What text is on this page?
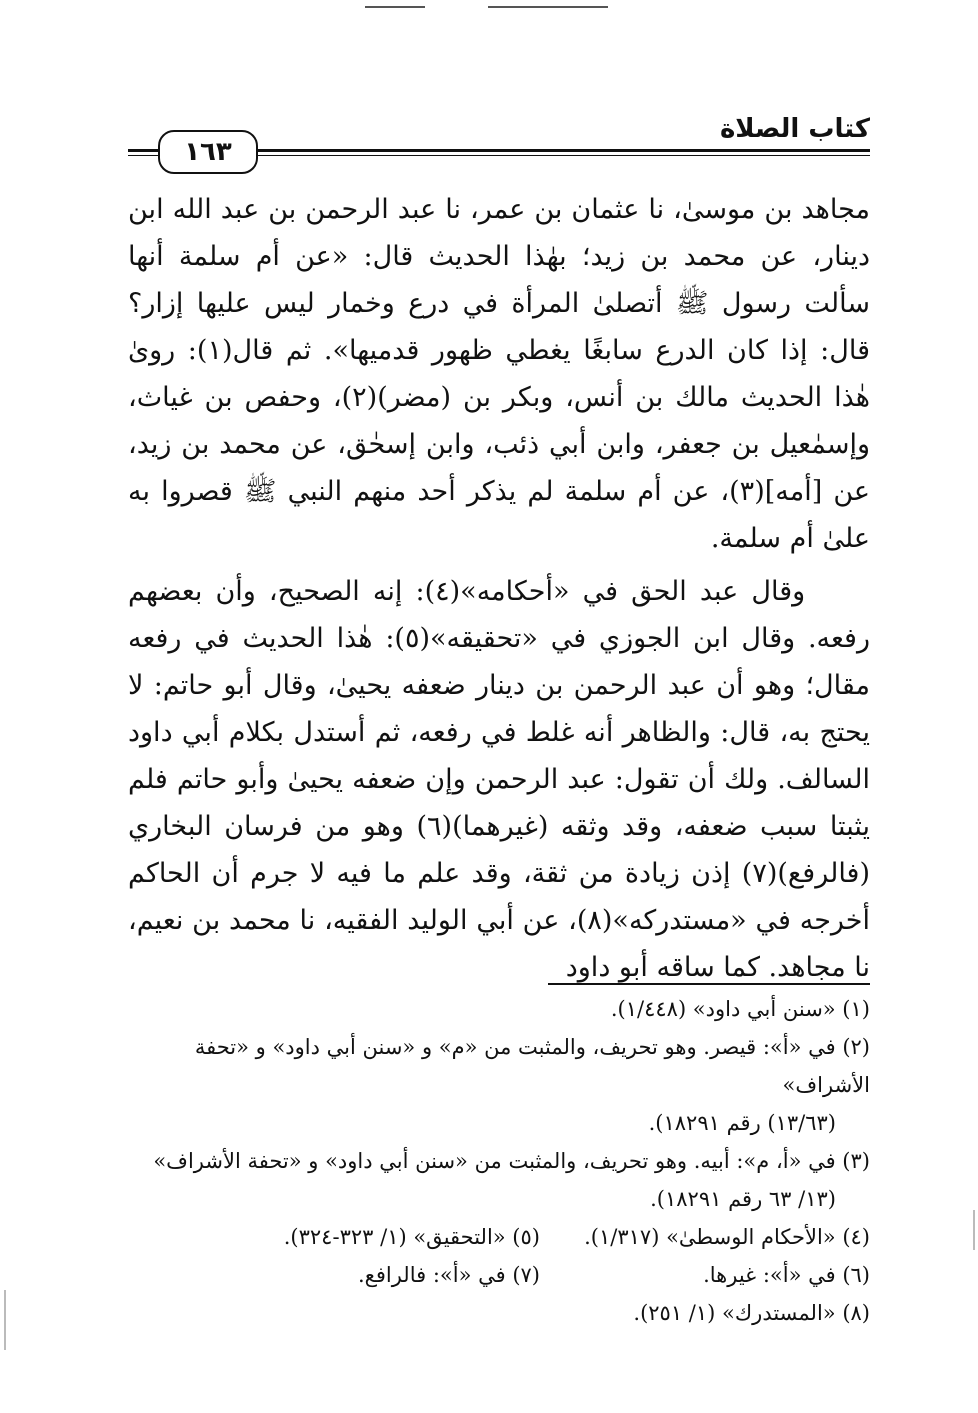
كتاب الصلاة
١٦٣

مجاهد بن موسىٰ، نا عثمان بن عمر، نا عبد الرحمن بن عبد الله ابن دينار، عن محمد بن زيد؛ بهٰذا الحديث قال: «عن أم سلمة أنها سألت رسول ﷺ أتصلىٰ المرأة في درع وخمار ليس عليها إزار؟ قال: إذا كان الدرع سابغًا يغطي ظهور قدميها». ثم قال(١): روىٰ هٰذا الحديث مالك بن أنس، وبكر بن (مضر)(٢)، وحفص بن غياث، وإسمٰعيل بن جعفر، وابن أبي ذئب، وابن إسحٰق، عن محمد بن زيد، عن [أمه](٣)، عن أم سلمة لم يذكر أحد منهم النبي ﷺ قصروا به علىٰ أم سلمة.

وقال عبد الحق في «أحكامه»(٤): إنه الصحيح، وأن بعضهم رفعه. وقال ابن الجوزي في «تحقيقه»(٥): هٰذا الحديث في رفعه مقال؛ وهو أن عبد الرحمن بن دينار ضعفه يحيىٰ، وقال أبو حاتم: لا يحتج به، قال: والظاهر أنه غلط في رفعه، ثم أستدل بكلام أبي داود السالف. ولك أن تقول: عبد الرحمن وإن ضعفه يحيىٰ وأبو حاتم فلم يثبتا سبب ضعفه، وقد وثقه (غيرهما)(٦) وهو من فرسان البخاري (فالرفع)(٧) إذن زيادة من ثقة، وقد علم ما فيه لا جرم أن الحاكم أخرجه في «مستدركه»(٨)، عن أبي الوليد الفقيه، نا محمد بن نعيم، نا مجاهد. كما ساقه أبو داود

(١) «سنن أبي داود» (١/٤٤٨).

(٢) في «أ»: قيصر. وهو تحريف، والمثبت من «م» و «سنن أبي داود» و «تحفة الأشراف»

(١٣/٦٣) رقم ١٨٢٩١).

(٣) في «أ، م»: أبيه. وهو تحريف، والمثبت من «سنن أبي داود» و «تحفة الأشراف»

(١٣/ ٦٣ رقم ١٨٢٩١).

(٤) «الأحكام الوسطىٰ» (١/٣١٧).
(٥) «التحقيق» (١/ ٣٢٣-٣٢٤).
(٦) في «أ»: غيرها.
(٧) في «أ»: فالرافع.

(٨) «المستدرك» (١/ ٢٥١).
